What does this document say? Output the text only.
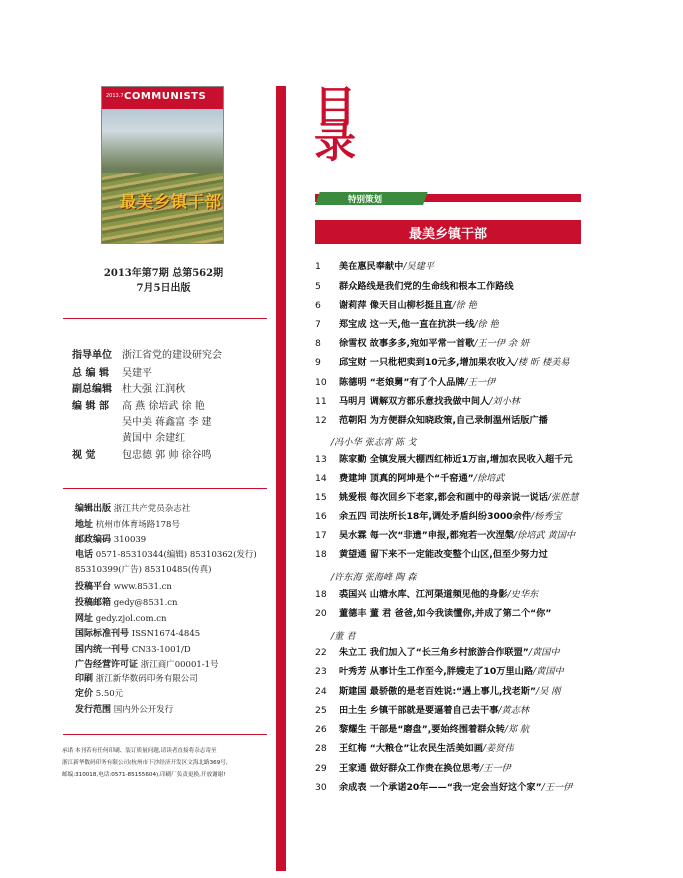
2013.7 COMMUNISTS
最美乡镇干部
2013年第7期 总第562期
7月5日出版
指导单位 浙江省党的建设研究会
总 编 辑 吴建平
副总编辑 杜大强 江润秋
编 辑 部 高 燕 徐培武 徐 艳
吴中美 蒋鑫富 李 建
黄国中 余建红
视 觉	包忠德 郭 帅 徐谷鸣
编辑出版 浙江共产党员杂志社
地址 杭州市体育场路178号
邮政编码 310039
电话 0571-85310344(编辑) 85310362(发行)
85310399(广告) 85310485(传真)
投稿平台 www.8531.cn
投稿邮箱 gedy@8531.cn
网址 gedy.zjol.com.cn
国际标准刊号 ISSN1674-4845
国内统一刊号 CN33-1001/D
广告经营许可证 浙江商广00001-1号
印刷 浙江新华数码印务有限公司
定价 5.50元
发行范围 国内外公开发行
承诺 本刊若有任何印刷、装订质量问题,请读者直接将杂志寄至
浙江新华数码印务有限公司(杭州市下沙经济开发区文海北路369号,
邮编:310018,电话:0571-85155604),印刷厂负责更换,开放谢谢!
目
录
特别策划
最美乡镇干部
1 美在惠民奉献中/吴建平
5 群众路线是我们党的生命线和根本工作路线
6 谢莉萍 像天目山柳杉挺且直/徐 艳
7 郑宝成 这一天,他一直在抗洪一线/徐 艳
8 徐雪权 故事多多,宛如平常一首歌/王一伊 余 妍
9 邱宝财 一只枇杷卖到10元多,增加果农收入/楼 昕 楼美易
10 陈德明 “老娘舅”有了个人品牌/王一伊
11 马明月 调解双方都乐意找我做中间人/刘小林
12 范朝阳 为方便群众知晓政策,自己录制温州话版广播
13 陈家勤 全镇发展大棚西红柿近1万亩,增加农民收入超千元
14 费建坤 顶真的阿坤是个“千窑通”/徐培武
15 姚爱根 每次回乡下老家,都会和画中的母亲说一说话/张胜慧
16 余五四 司法所长18年,调处矛盾纠纷3000余件/杨秀宝
17 吴水霖 每一次“非遗”申报,都宛若一次涅槃/徐培武 黄国中
18 黄望通 留下来不一定能改变整个山区,但至少努力过
18 裘国兴 山塘水库、江河渠道频见他的身影/史华东
20 董德丰 董 君 爸爸,如今我读懂你,并成了第二个“你”
22 朱立工 我们加入了“长三角乡村旅游合作联盟”/黄国中
23 叶秀芳 从事计生工作至今,胖嫂走了10万里山路/黄国中
24 斯建国 最骄傲的是老百姓说:“遇上事儿,找老斯”/吴 刚
25 田土生 乡镇干部就是要逼着自己去干事/黄志林
26 黎耀生 干部是“磨盘”,要始终围着群众转/郑 航
28 王红梅 “大粮仓”让农民生活美如画/姜贤伟
29 王家通 做好群众工作贵在换位思考/王一伊
30 余成表 一个承诺20年——“我一定会当好这个家”/王一伊
/冯小华 张志宵 陈 戈
/许东海 张海峰 陶 森
/董 君
